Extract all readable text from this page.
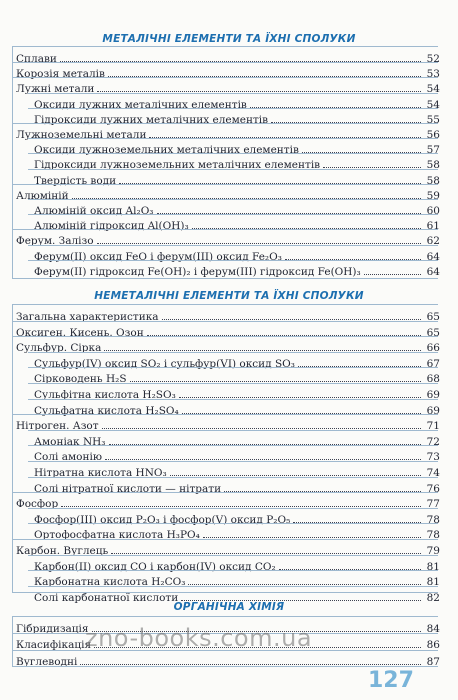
МЕТАЛІЧНІ ЕЛЕМЕНТИ ТА ЇХНІ СПОЛУКИ
НЕМЕТАЛІЧНІ ЕЛЕМЕНТИ ТА ЇХНІ СПОЛУКИ
ОРГАНІЧНА ХІМІЯ
Сплави	52
Корозія металів	53
Лужні метали	54
Оксиди лужних металічних елементів	54
Гідроксиди лужних металічних елементів	55
Лужноземельні метали	56
Оксиди лужноземельних металічних елементів	57
Гідроксиди лужноземельних металічних елементів	58
Твердість води	58
Алюміній	59
Алюміній оксид Al₂O₃	60
Алюміній гідроксид Al(OH)₃	61
Ферум. Залізо	62
Ферум(II) оксид FeO і ферум(III) оксид Fe₂O₃	64
Ферум(II) гідроксид Fe(OH)₂ і ферум(III) гідроксид Fe(OH)₃	64
Загальна характеристика	65
Оксиген. Кисень. Озон	65
Сульфур. Сірка	66
Сульфур(IV) оксид SO₂ і сульфур(VI) оксид SO₃	67
Сірководень H₂S	68
Сульфітна кислота H₂SO₃	69
Сульфатна кислота H₂SO₄	69
Нітроген. Азот	71
Амоніак NH₃	72
Солі амонію	73
Нітратна кислота HNO₃	74
Солі нітратної кислоти — нітрати	76
Фосфор	77
Фосфор(III) оксид P₂O₃ і фосфор(V) оксид P₂O₅	78
Ортофосфатна кислота H₃PO₄	78
Карбон. Вуглець	79
Карбон(II) оксид CO і карбон(IV) оксид CO₂	81
Карбонатна кислота H₂CO₃	81
Солі карбонатної кислоти	82
Гібридизація	84
Класифікація	86
Вуглеводні	87
zno-books.com.ua
127
